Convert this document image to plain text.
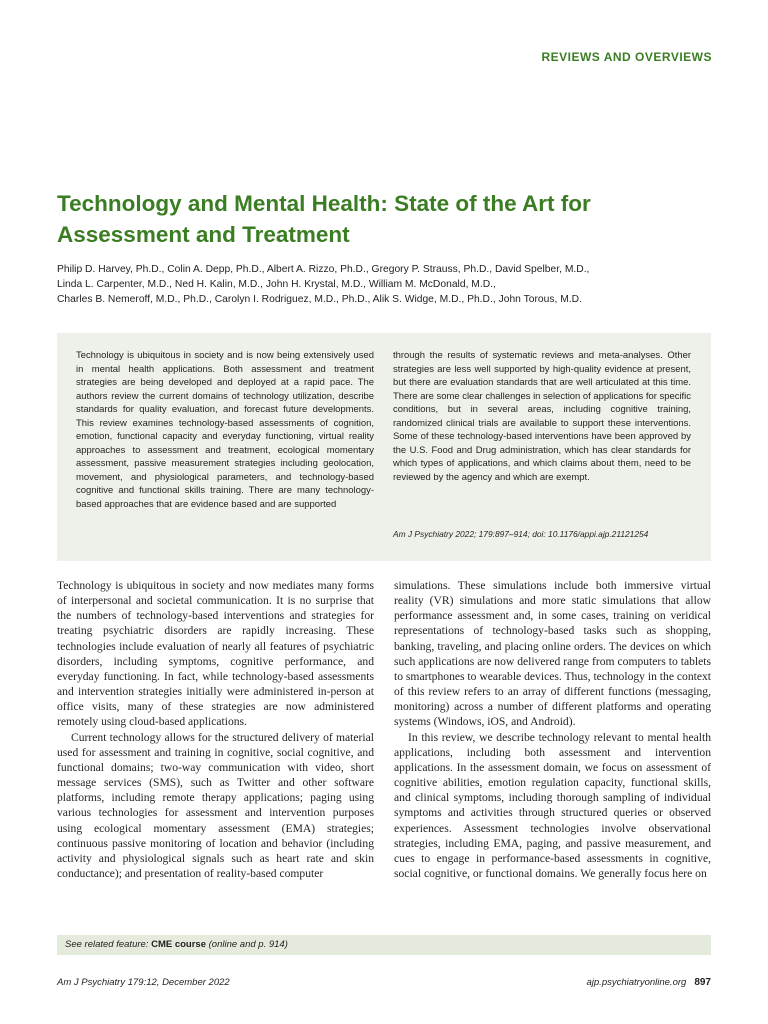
REVIEWS AND OVERVIEWS
Technology and Mental Health: State of the Art for Assessment and Treatment
Philip D. Harvey, Ph.D., Colin A. Depp, Ph.D., Albert A. Rizzo, Ph.D., Gregory P. Strauss, Ph.D., David Spelber, M.D.,
Linda L. Carpenter, M.D., Ned H. Kalin, M.D., John H. Krystal, M.D., William M. McDonald, M.D.,
Charles B. Nemeroff, M.D., Ph.D., Carolyn I. Rodriguez, M.D., Ph.D., Alik S. Widge, M.D., Ph.D., John Torous, M.D.
Technology is ubiquitous in society and is now being extensively used in mental health applications. Both assessment and treatment strategies are being developed and deployed at a rapid pace. The authors review the current domains of technology utilization, describe standards for quality evaluation, and forecast future developments. This review examines technology-based assessments of cognition, emotion, functional capacity and everyday functioning, virtual reality approaches to assessment and treatment, ecological momentary assessment, passive measurement strategies including geolocation, movement, and physiological parameters, and technology-based cognitive and functional skills training. There are many technology-based approaches that are evidence based and are supported
through the results of systematic reviews and meta-analyses. Other strategies are less well supported by high-quality evidence at present, but there are evaluation standards that are well articulated at this time. There are some clear challenges in selection of applications for specific conditions, but in several areas, including cognitive training, randomized clinical trials are available to support these interventions. Some of these technology-based interventions have been approved by the U.S. Food and Drug administration, which has clear standards for which types of applications, and which claims about them, need to be reviewed by the agency and which are exempt.
Am J Psychiatry 2022; 179:897–914; doi: 10.1176/appi.ajp.21121254

Technology is ubiquitous in society and now mediates many forms of interpersonal and societal communication. It is no surprise that the numbers of technology-based interventions and strategies for treating psychiatric disorders are rapidly increasing. These technologies include evaluation of nearly all features of psychiatric disorders, including symptoms, cognitive performance, and everyday functioning. In fact, while technology-based assessments and intervention strategies initially were administered in-person at office visits, many of these strategies are now administered remotely using cloud-based applications.

Current technology allows for the structured delivery of material used for assessment and training in cognitive, social cognitive, and functional domains; two-way communication with video, short message services (SMS), such as Twitter and other software platforms, including remote therapy applications; paging using various technologies for assessment and intervention purposes using ecological momentary assessment (EMA) strategies; continuous passive monitoring of location and behavior (including activity and physiological signals such as heart rate and skin conductance); and presentation of reality-based computer

simulations. These simulations include both immersive virtual reality (VR) simulations and more static simulations that allow performance assessment and, in some cases, training on veridical representations of technology-based tasks such as shopping, banking, traveling, and placing online orders. The devices on which such applications are now delivered range from computers to tablets to smartphones to wearable devices. Thus, technology in the context of this review refers to an array of different functions (messaging, monitoring) across a number of different platforms and operating systems (Windows, iOS, and Android).

In this review, we describe technology relevant to mental health applications, including both assessment and intervention applications. In the assessment domain, we focus on assessment of cognitive abilities, emotion regulation capacity, functional skills, and clinical symptoms, including thorough sampling of individual symptoms and activities through structured queries or observed experiences. Assessment technologies involve observational strategies, including EMA, paging, and passive measurement, and cues to engage in performance-based assessments in cognitive, social cognitive, or functional domains. We generally focus here on

See related feature: CME course (online and p. 914)
Am J Psychiatry 179:12, December 2022	ajp.psychiatryonline.org 897
